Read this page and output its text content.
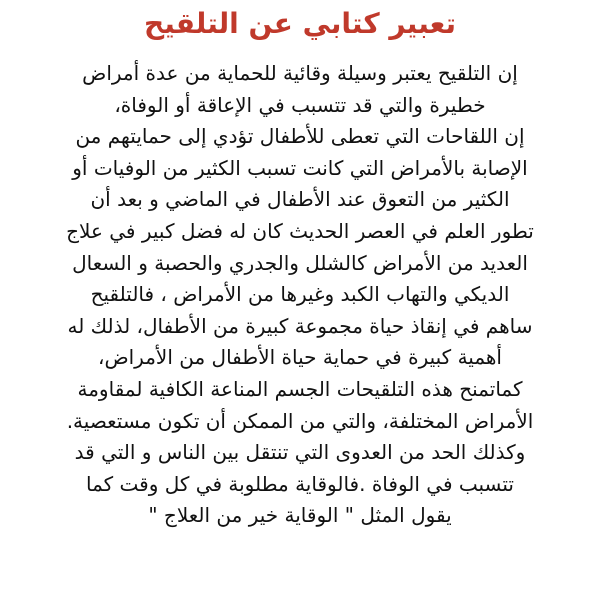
تعبير كتابي عن التلقيح
إن التلقيح يعتبر وسيلة وقائية للحماية من عدة أمراض
خطيرة والتي قد تتسبب في الإعاقة أو الوفاة،
إن اللقاحات التي تعطى للأطفال تؤدي إلى حمايتهم من
الإصابة بالأمراض التي كانت تسبب الكثير من الوفيات أو
الكثير من التعوق عند الأطفال في الماضي و بعد أن
تطور العلم في العصر الحديث كان له فضل كبير في علاج
العديد من الأمراض كالشلل والجدري والحصبة و السعال
الديكي والتهاب الكبد وغيرها من الأمراض ، فالتلقيح
ساهم في إنقاذ حياة مجموعة كبيرة من الأطفال، لذلك له
أهمية كبيرة في حماية حياة الأطفال من الأمراض،
كماتمنح هذه التلقيحات الجسم المناعة الكافية لمقاومة
الأمراض المختلفة، والتي من الممكن أن تكون مستعصية.
وكذلك الحد من العدوى التي تنتقل بين الناس و التي قد
تتسبب في الوفاة .فالوقاية مطلوبة في كل وقت كما
يقول المثل " الوقاية خير من العلاج "
